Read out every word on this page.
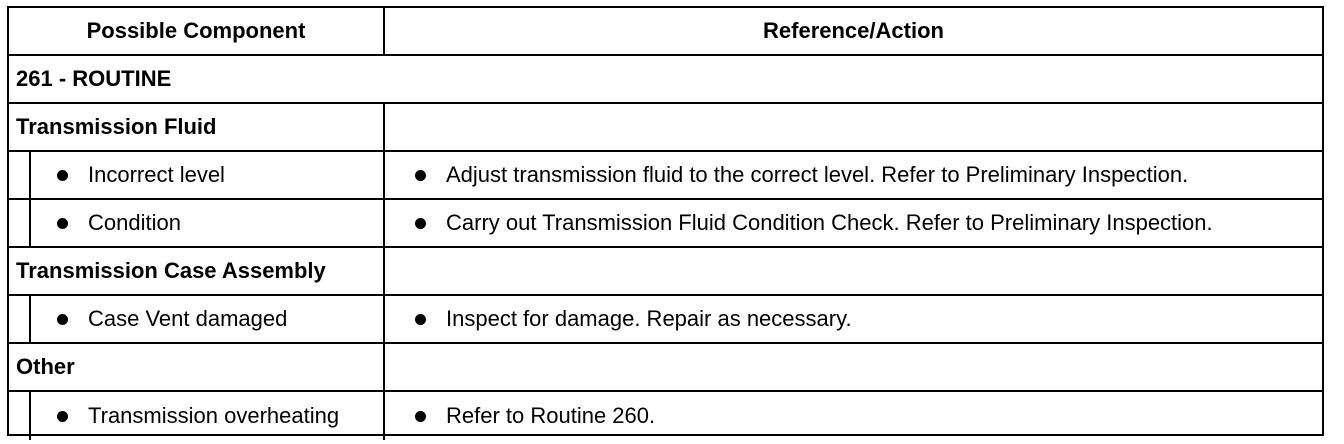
Possible Component	Reference/Action
261 - ROUTINE
Transmission Fluid
Incorrect level	Adjust transmission fluid to the correct level. Refer to Preliminary Inspection.
Condition	Carry out Transmission Fluid Condition Check. Refer to Preliminary Inspection.
Transmission Case Assembly
Case Vent damaged	Inspect for damage. Repair as necessary.
Other
Transmission overheating	Refer to Routine 260.
